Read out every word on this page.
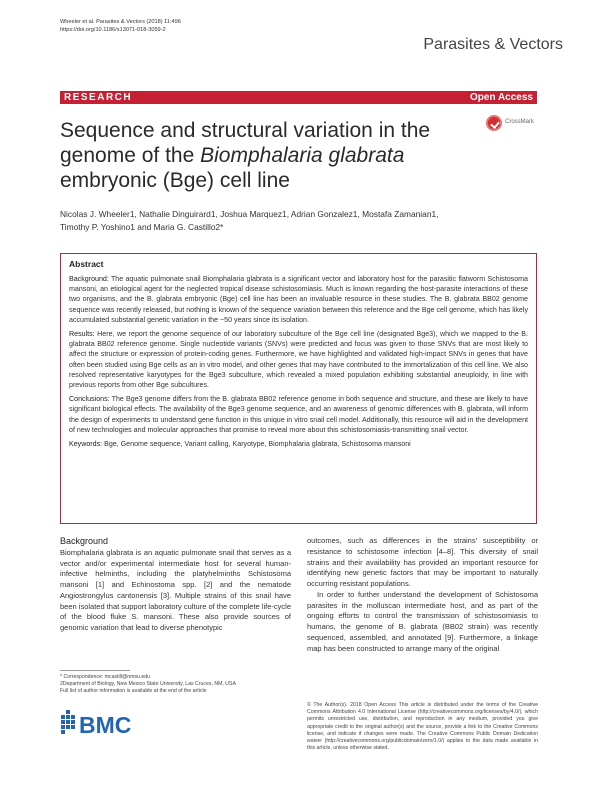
Wheeler et al. Parasites & Vectors (2018) 11:496
https://doi.org/10.1186/s13071-018-3059-2
Parasites & Vectors
RESEARCH	Open Access
Sequence and structural variation in the genome of the Biomphalaria glabrata embryonic (Bge) cell line
CrossMark
Nicolas J. Wheeler1, Nathalie Dinguirard1, Joshua Marquez1, Adrian Gonzalez1, Mostafa Zamanian1,
Timothy P. Yoshino1 and Maria G. Castillo2*
Abstract

Background: The aquatic pulmonate snail Biomphalaria glabrata is a significant vector and laboratory host for the parasitic flatworm Schistosoma mansoni, an etiological agent for the neglected tropical disease schistosomiasis. Much is known regarding the host-parasite interactions of these two organisms, and the B. glabrata embryonic (Bge) cell line has been an invaluable resource in these studies. The B. glabrata BB02 genome sequence was recently released, but nothing is known of the sequence variation between this reference and the Bge cell genome, which has likely accumulated substantial genetic variation in the ~50 years since its isolation.

Results: Here, we report the genome sequence of our laboratory subculture of the Bge cell line (designated Bge3), which we mapped to the B. glabrata BB02 reference genome. Single nucleotide variants (SNVs) were predicted and focus was given to those SNVs that are most likely to affect the structure or expression of protein-coding genes. Furthermore, we have highlighted and validated high-impact SNVs in genes that have often been studied using Bge cells as an in vitro model, and other genes that may have contributed to the immortalization of this cell line. We also resolved representative karyotypes for the Bge3 subculture, which revealed a mixed population exhibiting substantial aneuploidy, in line with previous reports from other Bge subcultures.

Conclusions: The Bge3 genome differs from the B. glabrata BB02 reference genome in both sequence and structure, and these are likely to have significant biological effects. The availability of the Bge3 genome sequence, and an awareness of genomic differences with B. glabrata, will inform the design of experiments to understand gene function in this unique in vitro snail cell model. Additionally, this resource will aid in the development of new technologies and molecular approaches that promise to reveal more about this schistosomiasis-transmitting snail vector.

Keywords: Bge, Genome sequence, Variant calling, Karyotype, Biomphalaria glabrata, Schistosoma mansoni

Background

Biomphalaria glabrata is an aquatic pulmonate snail that serves as a vector and/or experimental intermediate host for several human-infective helminths, including the platyhelminths Schistosoma mansoni [1] and Echinostoma spp. [2] and the nematode Angiostrongylus cantonensis [3]. Multiple strains of this snail have been isolated that support laboratory culture of the complete life-cycle of the blood fluke S. mansoni. These also provide sources of genomic variation that lead to diverse phenotypic

outcomes, such as differences in the strains' susceptibility or resistance to schistosome infection [4–8]. This diversity of snail strains and their availability has provided an important resource for identifying new genetic factors that may be important to naturally occurring resistant populations.

In order to further understand the development of Schistosoma parasites in the molluscan intermediate host, and as part of the ongoing efforts to control the transmission of schistosomiasis to humans, the genome of B. glabrata (BB02 strain) was recently sequenced, assembled, and annotated [9]. Furthermore, a linkage map has been constructed to arrange many of the original

* Correspondence: mcastill@nmsu.edu
2Department of Biology, New Mexico State University, Las Cruces, NM, USA
Full list of author information is available at the end of the article
BMC
© The Author(s). 2018 Open Access This article is distributed under the terms of the Creative Commons Attribution 4.0 International License (http://creativecommons.org/licenses/by/4.0/), which permits unrestricted use, distribution, and reproduction in any medium, provided you give appropriate credit to the original author(s) and the source, provide a link to the Creative Commons license, and indicate if changes were made. The Creative Commons Public Domain Dedication waiver (http://creativecommons.org/publicdomain/zero/1.0/) applies to the data made available in this article, unless otherwise stated.
